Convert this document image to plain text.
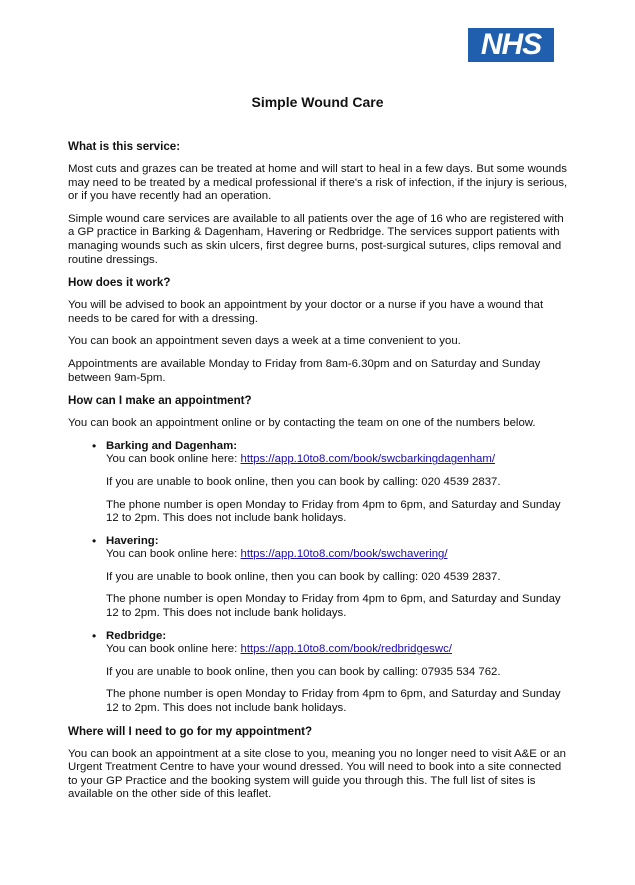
NHS
Simple Wound Care
What is this service:

Most cuts and grazes can be treated at home and will start to heal in a few days. But some wounds may need to be treated by a medical professional if there's a risk of infection, if the injury is serious, or if you have recently had an operation.

Simple wound care services are available to all patients over the age of 16 who are registered with a GP practice in Barking & Dagenham, Havering or Redbridge. The services support patients with managing wounds such as skin ulcers, first degree burns, post-surgical sutures, clips removal and routine dressings.

How does it work?

You will be advised to book an appointment by your doctor or a nurse if you have a wound that needs to be cared for with a dressing.

You can book an appointment seven days a week at a time convenient to you.

Appointments are available Monday to Friday from 8am-6.30pm and on Saturday and Sunday between 9am-5pm.

How can I make an appointment?

You can book an appointment online or by contacting the team on one of the numbers below.

• Barking and Dagenham:

You can book online here: https://app.10to8.com/book/swcbarkingdagenham/

If you are unable to book online, then you can book by calling: 020 4539 2837.

The phone number is open Monday to Friday from 4pm to 6pm, and Saturday and Sunday 12 to 2pm. This does not include bank holidays.

• Havering:

You can book online here: https://app.10to8.com/book/swchavering/

If you are unable to book online, then you can book by calling: 020 4539 2837.

The phone number is open Monday to Friday from 4pm to 6pm, and Saturday and Sunday 12 to 2pm. This does not include bank holidays.

• Redbridge:

You can book online here: https://app.10to8.com/book/redbridgeswc/

If you are unable to book online, then you can book by calling: 07935 534 762.

The phone number is open Monday to Friday from 4pm to 6pm, and Saturday and Sunday 12 to 2pm. This does not include bank holidays.

Where will I need to go for my appointment?

You can book an appointment at a site close to you, meaning you no longer need to visit A&E or an Urgent Treatment Centre to have your wound dressed. You will need to book into a site connected to your GP Practice and the booking system will guide you through this. The full list of sites is available on the other side of this leaflet.
